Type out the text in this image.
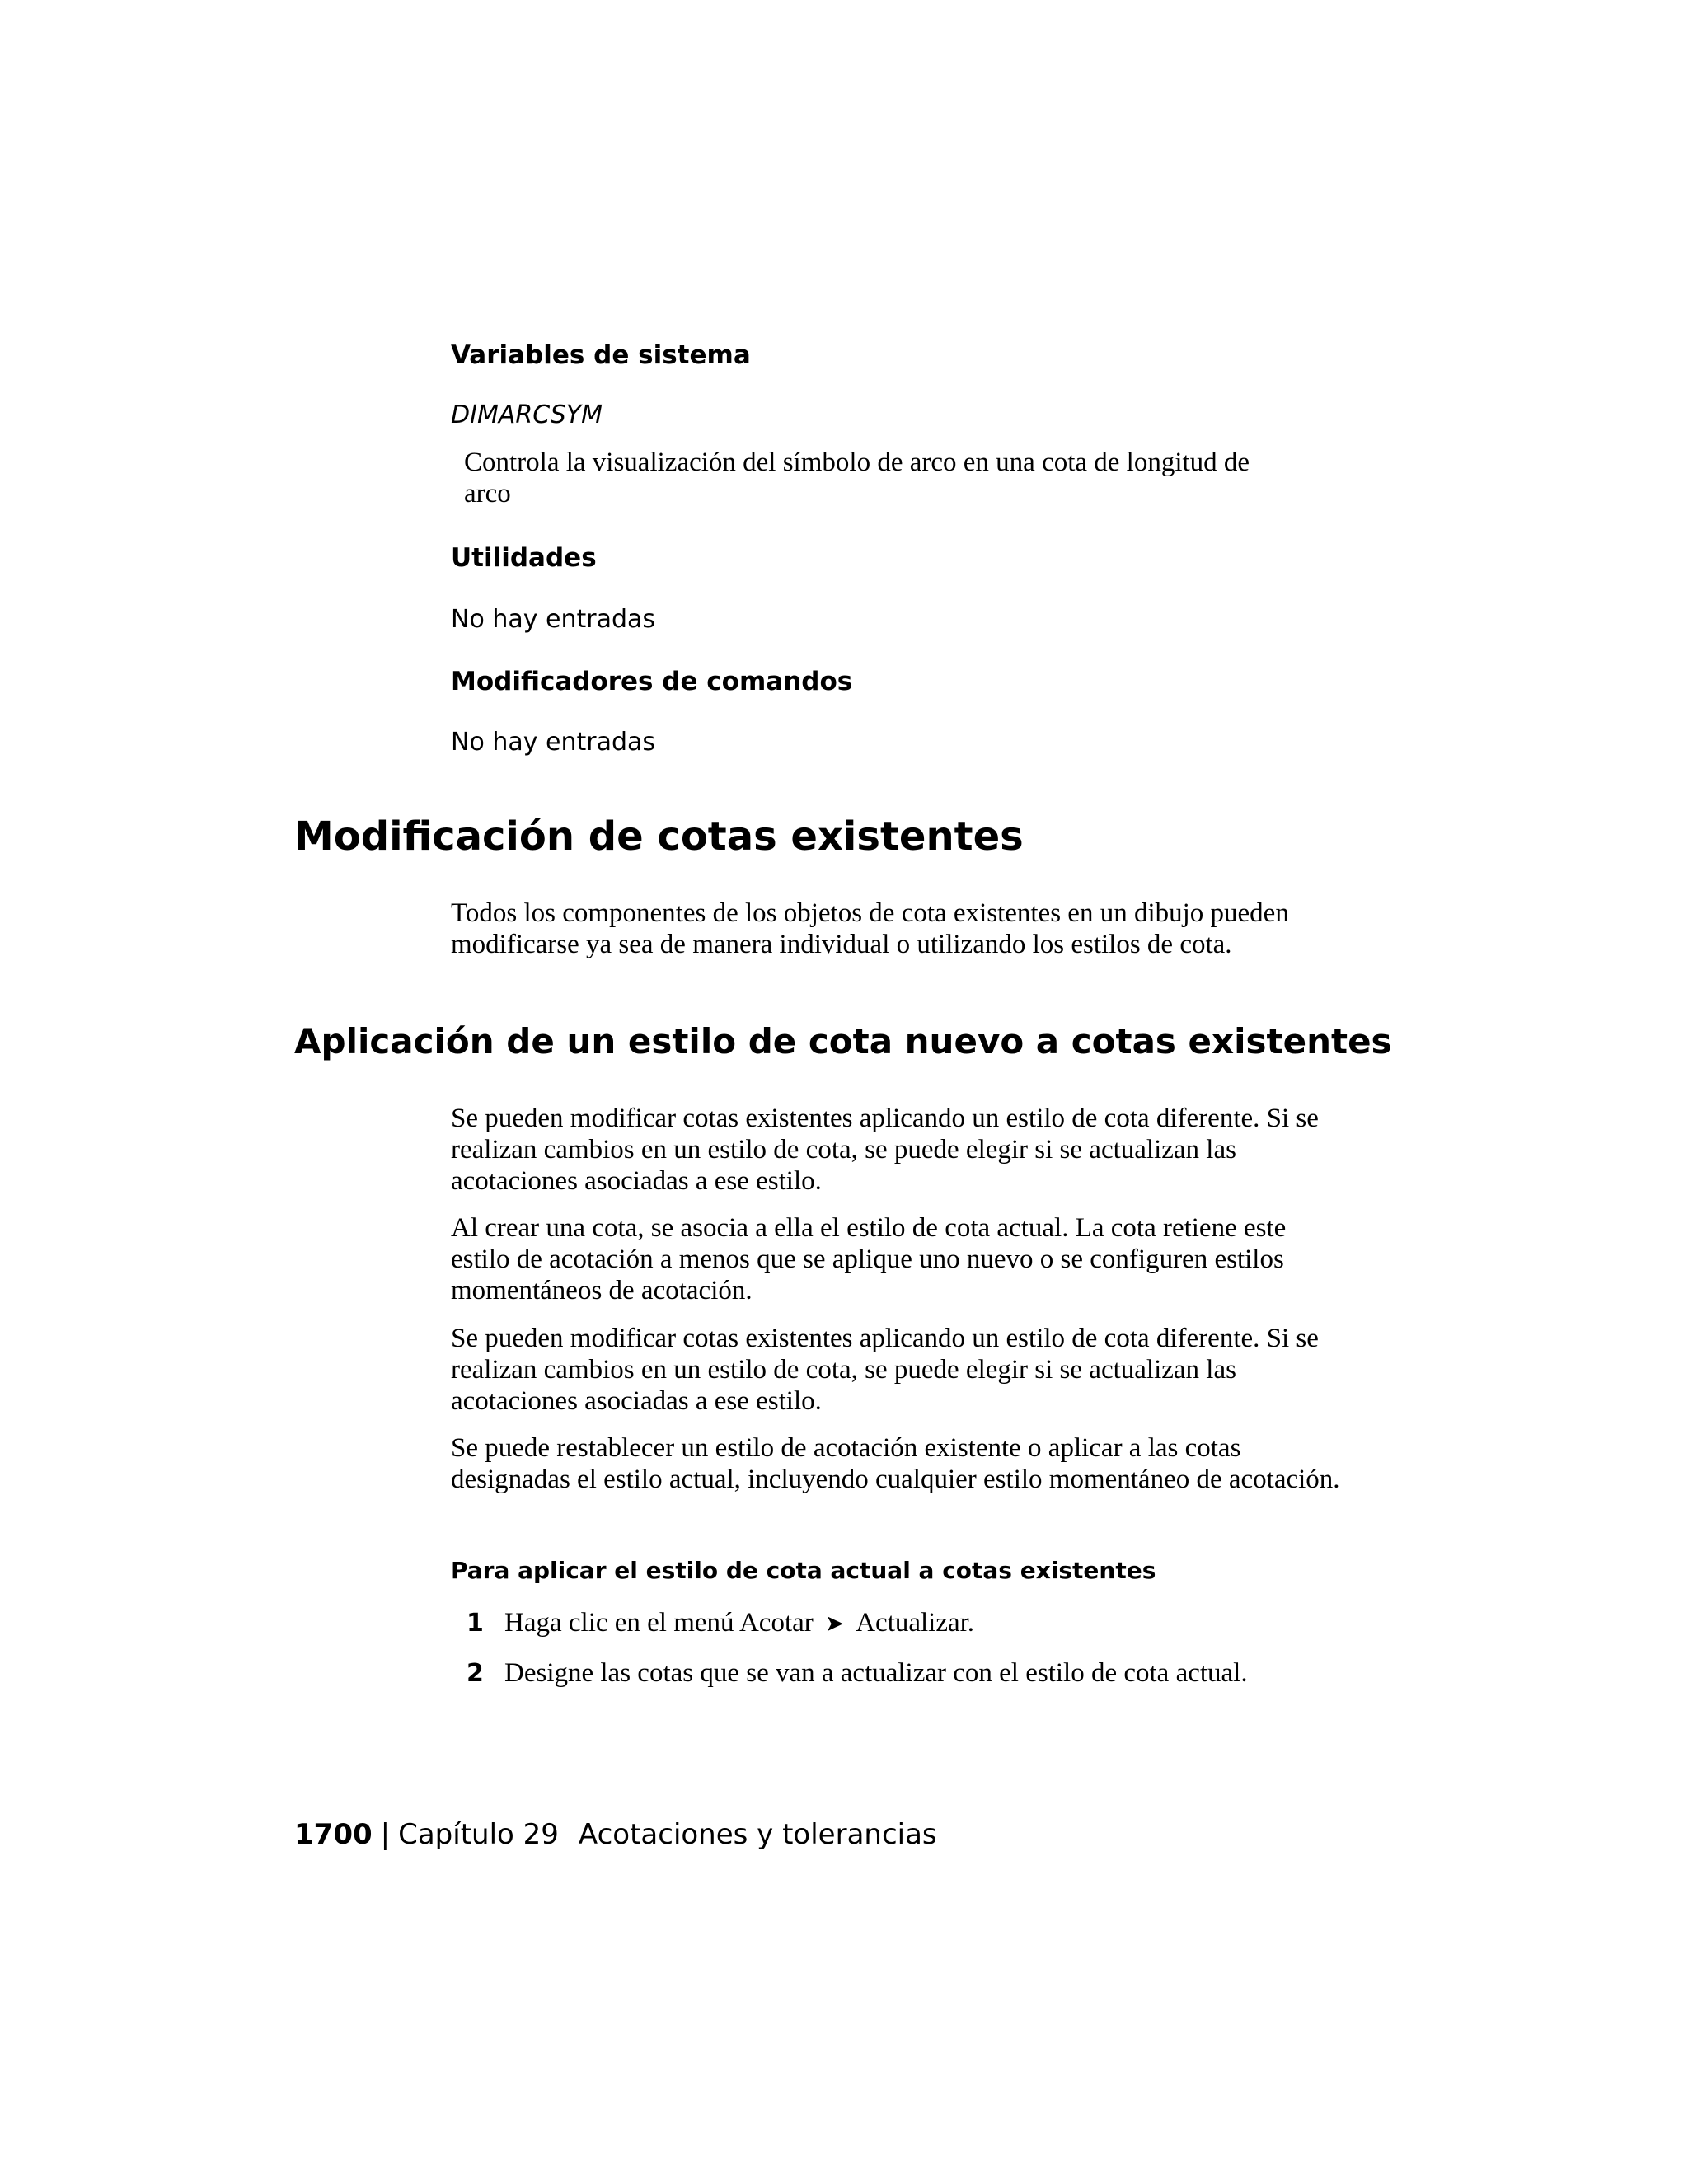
Variables de sistema
DIMARCSYM
Controla la visualización del símbolo de arco en una cota de longitud de
arco
Utilidades
No hay entradas
Modificadores de comandos
No hay entradas
Modificación de cotas existentes

Todos los componentes de los objetos de cota existentes en un dibujo pueden modificarse ya sea de manera individual o utilizando los estilos de cota.

Aplicación de un estilo de cota nuevo a cotas existentes

Se pueden modificar cotas existentes aplicando un estilo de cota diferente. Si se realizan cambios en un estilo de cota, se puede elegir si se actualizan las acotaciones asociadas a ese estilo.

Al crear una cota, se asocia a ella el estilo de cota actual. La cota retiene este estilo de acotación a menos que se aplique uno nuevo o se configuren estilos momentáneos de acotación.

Se pueden modificar cotas existentes aplicando un estilo de cota diferente. Si se realizan cambios en un estilo de cota, se puede elegir si se actualizan las acotaciones asociadas a ese estilo.

Se puede restablecer un estilo de acotación existente o aplicar a las cotas designadas el estilo actual, incluyendo cualquier estilo momentáneo de acotación.

Para aplicar el estilo de cota actual a cotas existentes
1 Haga clic en el menú Acotar ➤ Actualizar.
2 Designe las cotas que se van a actualizar con el estilo de cota actual.
1700 | Capítulo 29 Acotaciones y tolerancias
